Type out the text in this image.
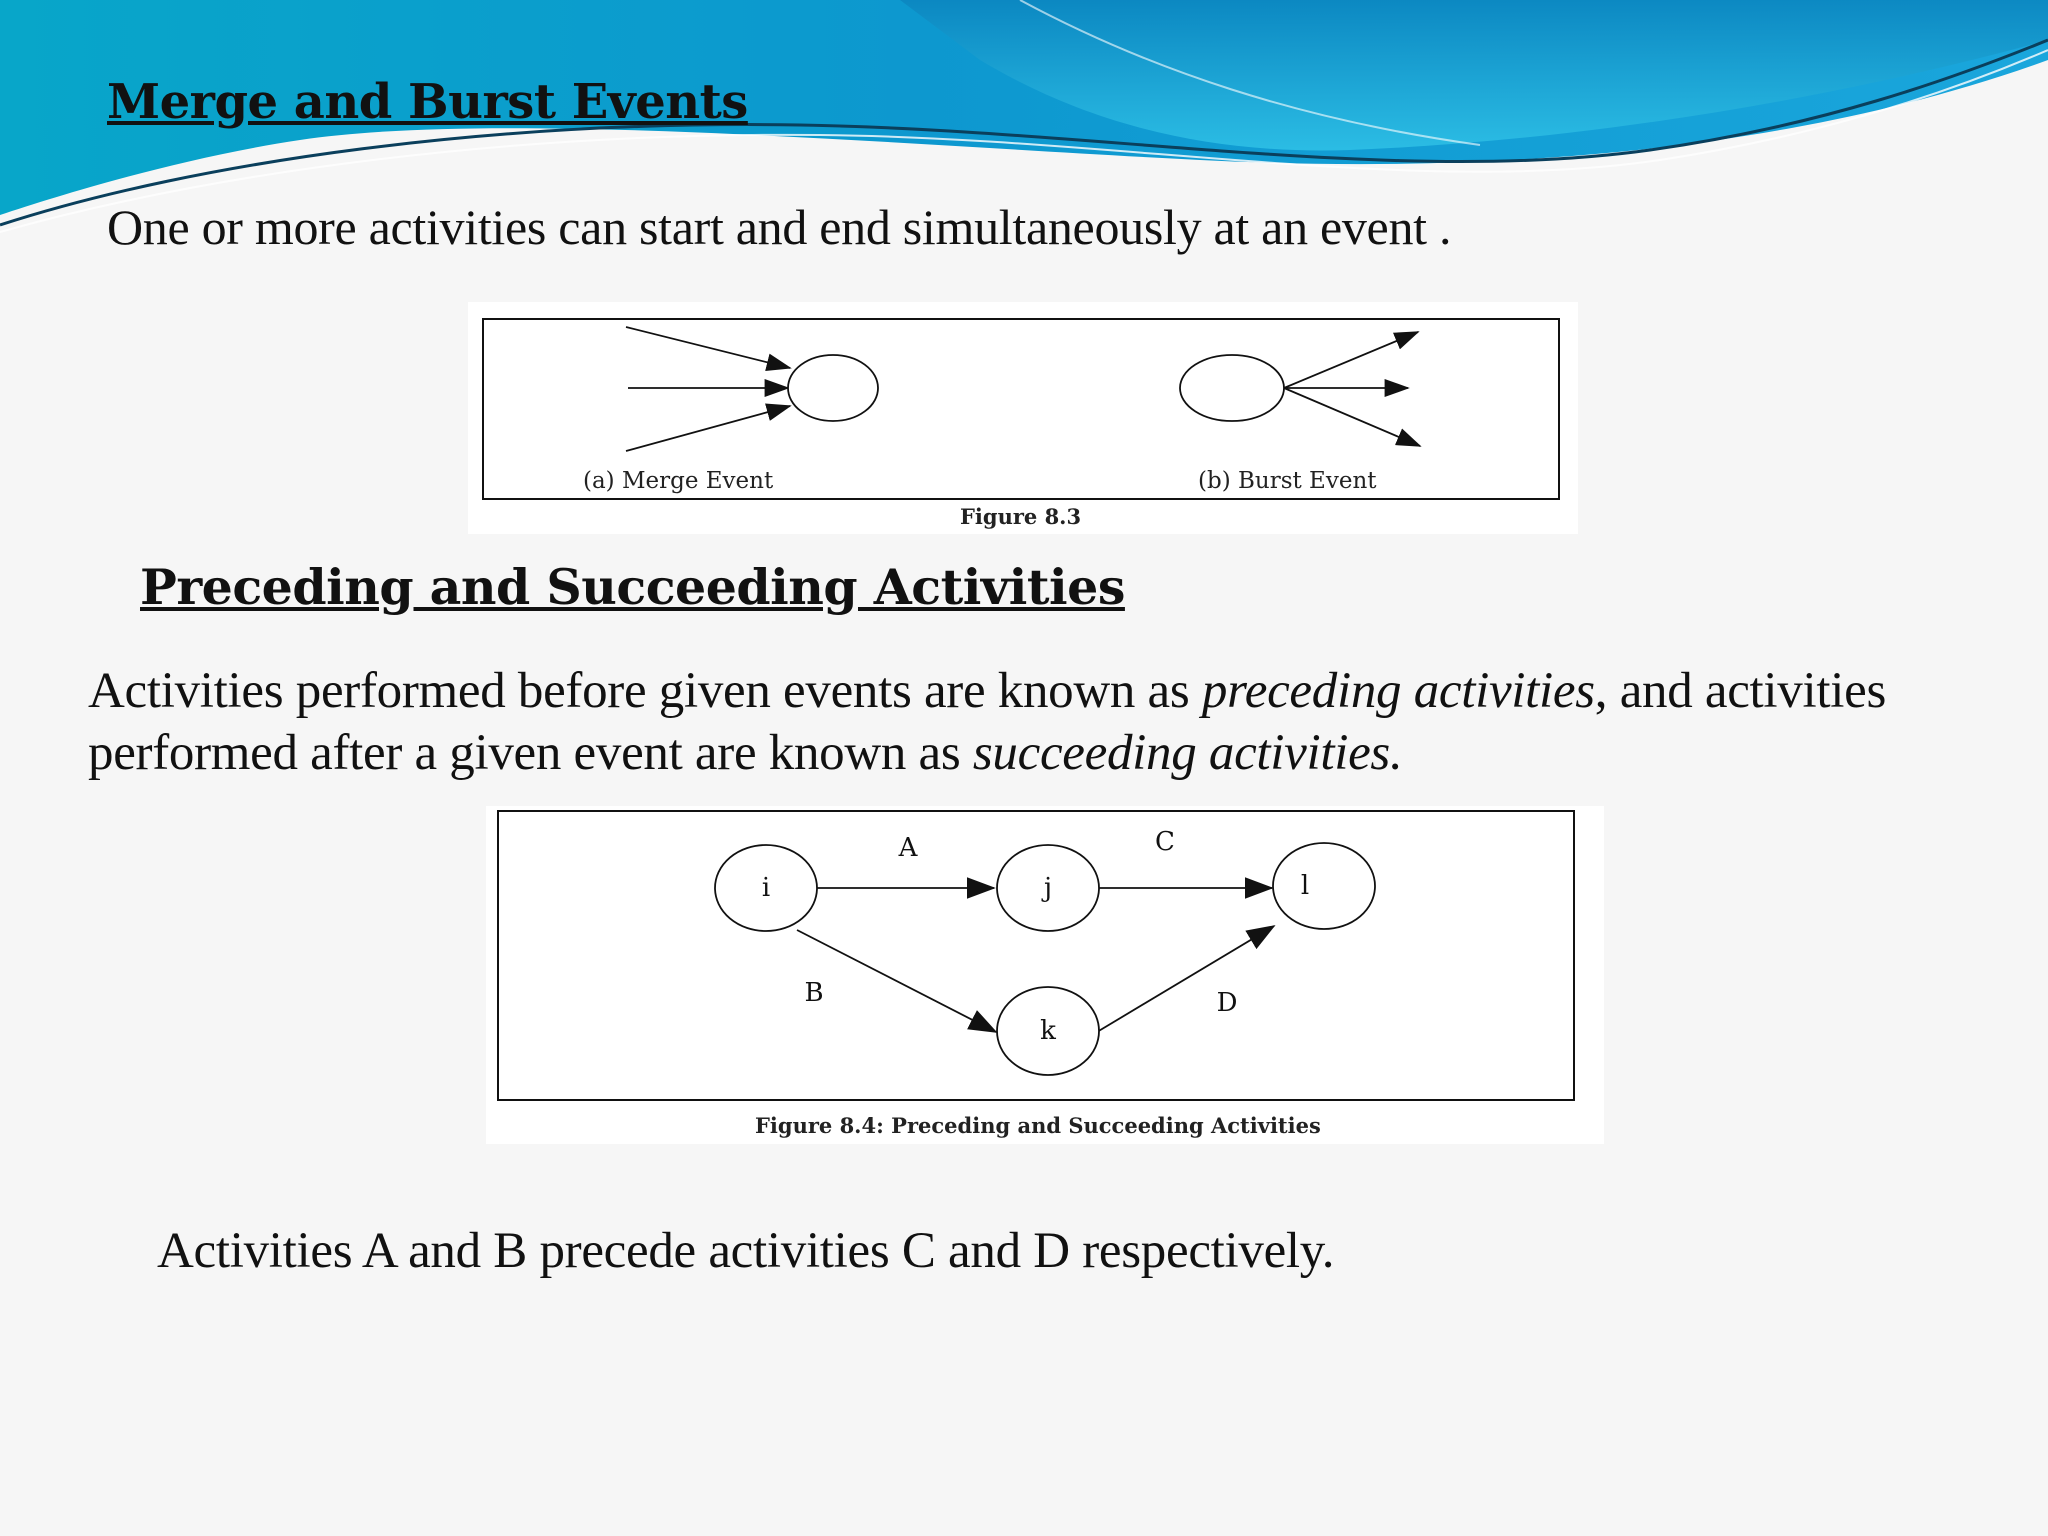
Merge and Burst Events

One or more activities can start and end simultaneously at an event .

(a) Merge Event	(b) Burst Event
Figure 8.3
Preceding and Succeeding Activities

Activities performed before given events are known as preceding activities, and activities performed after a given event are known as succeeding activities.

i	j	l
k
A	C
B	D
Figure 8.4: Preceding and Succeeding Activities

Activities A and B precede activities C and D respectively.
